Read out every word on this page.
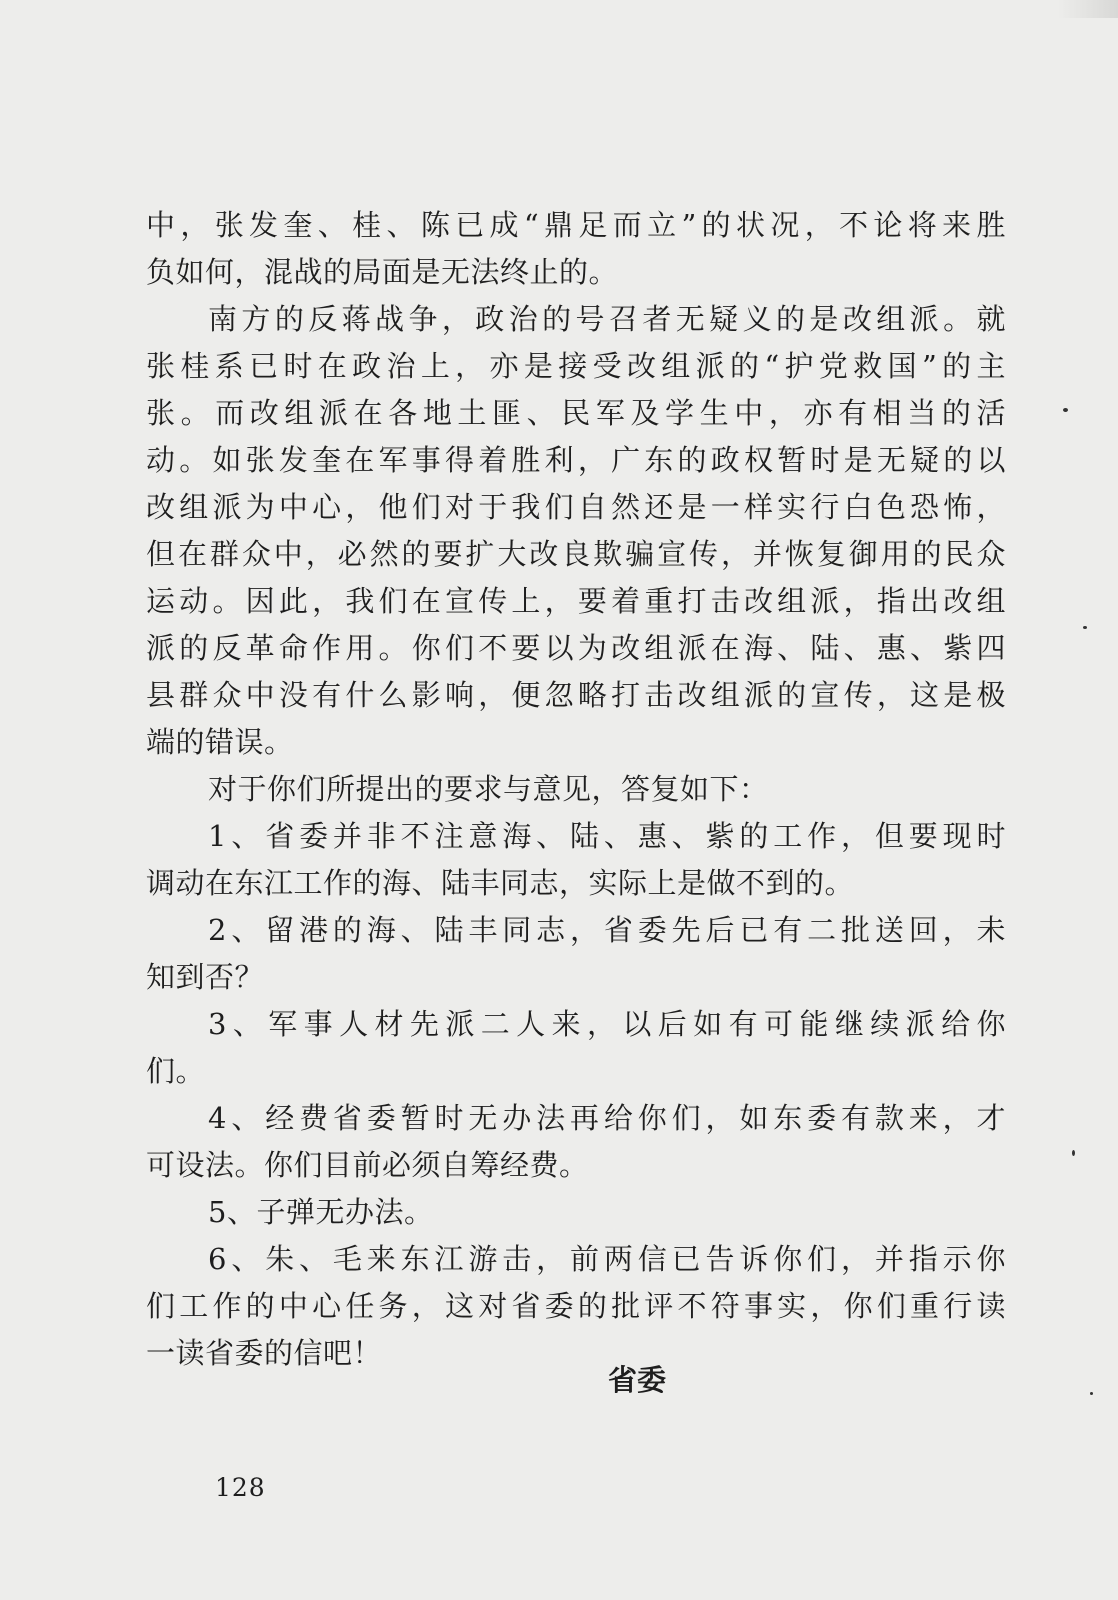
中，张发奎、桂、陈已成“鼎足而立”的状况，不论将来胜
负如何，混战的局面是无法终止的。
南方的反蒋战争，政治的号召者无疑义的是改组派。就
张桂系已时在政治上，亦是接受改组派的“护党救国”的主
张。而改组派在各地土匪、民军及学生中，亦有相当的活
动。如张发奎在军事得着胜利，广东的政权暂时是无疑的以
改组派为中心，他们对于我们自然还是一样实行白色恐怖，
但在群众中，必然的要扩大改良欺骗宣传，并恢复御用的民众
运动。因此，我们在宣传上，要着重打击改组派，指出改组
派的反革命作用。你们不要以为改组派在海、陆、惠、紫四
县群众中没有什么影响，便忽略打击改组派的宣传，这是极
端的错误。
对于你们所提出的要求与意见，答复如下：
1、省委并非不注意海、陆、惠、紫的工作，但要现时
调动在东江工作的海、陆丰同志，实际上是做不到的。
2、留港的海、陆丰同志，省委先后已有二批送回，未
知到否？
3、军事人材先派二人来，以后如有可能继续派给你
们。
4、经费省委暂时无办法再给你们，如东委有款来，才
可设法。你们目前必须自筹经费。
5、子弹无办法。
6、朱、毛来东江游击，前两信已告诉你们，并指示你
们工作的中心任务，这对省委的批评不符事实，你们重行读
一读省委的信吧！
省委
128
